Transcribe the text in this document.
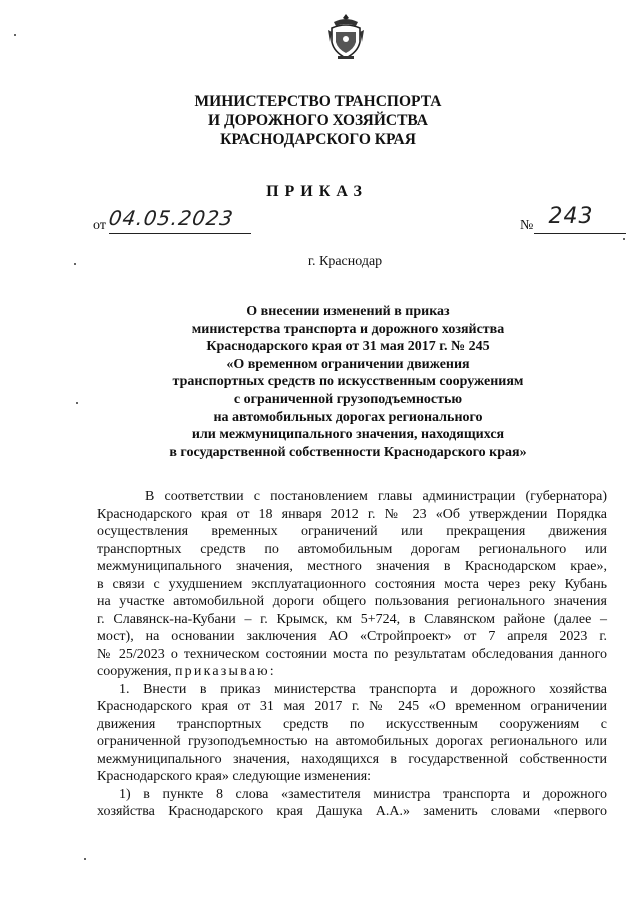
МИНИСТЕРСТВО ТРАНСПОРТА
И ДОРОЖНОГО ХОЗЯЙСТВА
КРАСНОДАРСКОГО КРАЯ
ПРИКАЗ
от 04.05.2023	№ 243
г. Краснодар
О внесении изменений в приказ
министерства транспорта и дорожного хозяйства
Краснодарского края от 31 мая 2017 г. № 245
«О временном ограничении движения
транспортных средств по искусственным сооружениям
с ограниченной грузоподъемностью
на автомобильных дорогах регионального
или межмуниципального значения, находящихся
в государственной собственности Краснодарского края»
В соответствии с постановлением главы администрации (губернатора)
Краснодарского края от 18 января 2012 г. № 23 «Об утверждении Порядка
осуществления временных ограничений или прекращения движения
транспортных средств по автомобильным дорогам регионального или
межмуниципального значения, местного значения в Краснодарском крае»,
в связи с ухудшением эксплуатационного состояния моста через реку Кубань
на участке автомобильной дороги общего пользования регионального значения
г. Славянск-на-Кубани – г. Крымск, км 5+724, в Славянском районе (далее –
мост), на основании заключения АО «Стройпроект» от 7 апреля 2023 г.
№ 25/2023 о техническом состоянии моста по результатам обследования данного
сооружения, приказываю:
1. Внести в приказ министерства транспорта и дорожного хозяйства
Краснодарского края от 31 мая 2017 г. № 245 «О временном ограничении
движения транспортных средств по искусственным сооружениям с
ограниченной грузоподъемностью на автомобильных дорогах регионального или
межмуниципального значения, находящихся в государственной собственности
Краснодарского края» следующие изменения:
1) в пункте 8 слова «заместителя министра транспорта и дорожного
хозяйства Краснодарского края Дашука А.А.» заменить словами «первого
